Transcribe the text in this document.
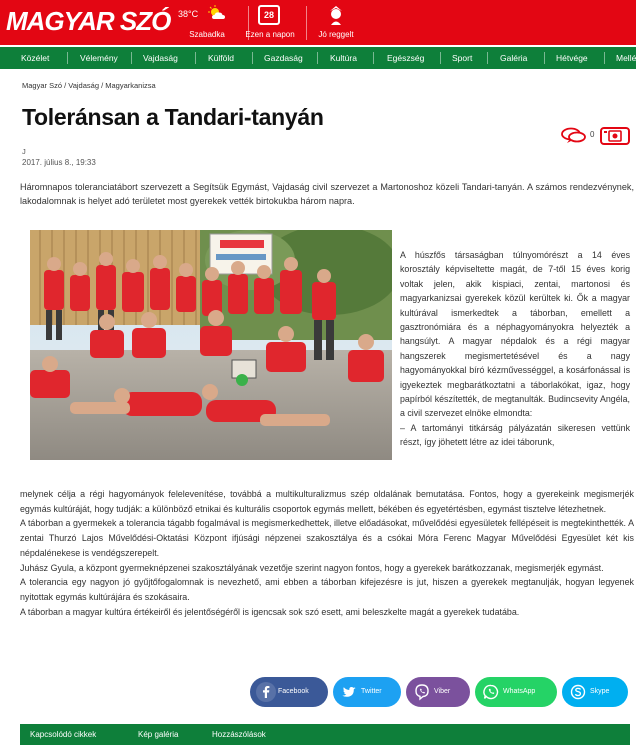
MAGYAR SZÓ 38°C
Szabadka
28
Ezen a napon	Jó reggelt
Közélet	Vélemény	Vajdaság	Külföld	Gazdaság	Kultúra	Egészség	Sport	Galéria	Hétvége	Mellé
Magyar Szó / Vajdaság / Magyarkanizsa
Toleránsan a Tandari-tanyán
0
J
2017. július 8., 19:33

Háromnapos toleranciatábort szervezett a Segítsük Egymást, Vajdaság civil szervezet a Martonoshoz közeli Tandari-tanyán. A számos rendezvénynek, lakodalomnak is helyet adó területet most gyerekek vették birtokukba három napra.

A húszfős társaságban túlnyomórészt a 14 éves korosztály képviseltette magát, de 7-től 15 éves korig voltak jelen, akik kispiaci, zentai, martonosi és magyarkanizsai gyerekek közül kerültek ki. Ők a magyar kultúrával ismerkedtek a táborban, emellett a gasztronómiára és a néphagyományokra helyezték a hangsúlyt. A magyar népdalok és a régi magyar hangszerek megismertetésével és a nagy hagyományokkal bíró kézművességgel, a kosárfonással is igyekeztek megbarátkoztatni a táborlakókat, igaz, hogy papírból készítették, de megtanulták. Budincsevity Angéla, a civil szervezet elnöke elmondta:
– A tartományi titkárság pályázatán sikeresen vettünk részt, így jöhetett létre az idei táborunk,

melynek célja a régi hagyományok felelevenítése, továbbá a multikulturalizmus szép oldalának bemutatása. Fontos, hogy a gyerekeink megismerjék egymás kultúráját, hogy tudják: a különböző etnikai és kulturális csoportok egymás mellett, békében és egyetértésben, egymást tisztelve létezhetnek.

A táborban a gyermekek a tolerancia tágabb fogalmával is megismerkedhettek, illetve előadásokat, művelődési egyesületek fellépéseit is megtekinthették. A zentai Thurzó Lajos Művelődési-Oktatási Központ ifjúsági népzenei szakosztálya és a csókai Móra Ferenc Magyar Művelődési Egyesület két kis népdalénekese is vendégszerepelt.

Juhász Gyula, a központ gyermeknépzenei szakosztályának vezetője szerint nagyon fontos, hogy a gyerekek barátkozzanak, megismerjék egymást.

A tolerancia egy nagyon jó gyűjtőfogalomnak is nevezhető, ami ebben a táborban kifejezésre is jut, hiszen a gyerekek megtanulják, hogyan legyenek nyitottak egymás kultúrájára és szokásaira.

A táborban a magyar kultúra értékeiről és jelentőségéről is igencsak sok szó esett, ami beleszkelte magát a gyerekek tudatába.

Facebook	Twitter	Viber	WhatsApp	Skype
Kapcsolódó cikkek	Kép galéria	Hozzászólások
